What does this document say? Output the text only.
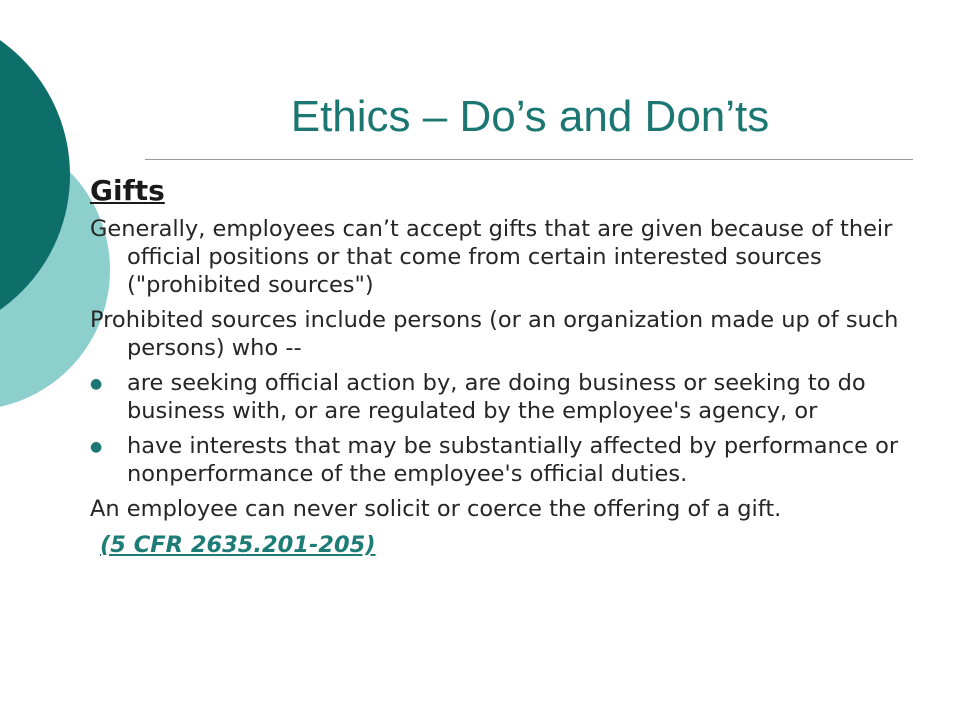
Ethics – Do’s and Don’ts
Gifts

Generally, employees can’t accept gifts that are given because of their official positions or that come from certain interested sources ("prohibited sources")

Prohibited sources include persons (or an organization made up of such persons) who --

● are seeking official action by, are doing business or seeking to do business with, or are regulated by the employee's agency, or
● have interests that may be substantially affected by performance or nonperformance of the employee's official duties.

An employee can never solicit or coerce the offering of a gift.

(5 CFR 2635.201-205)
